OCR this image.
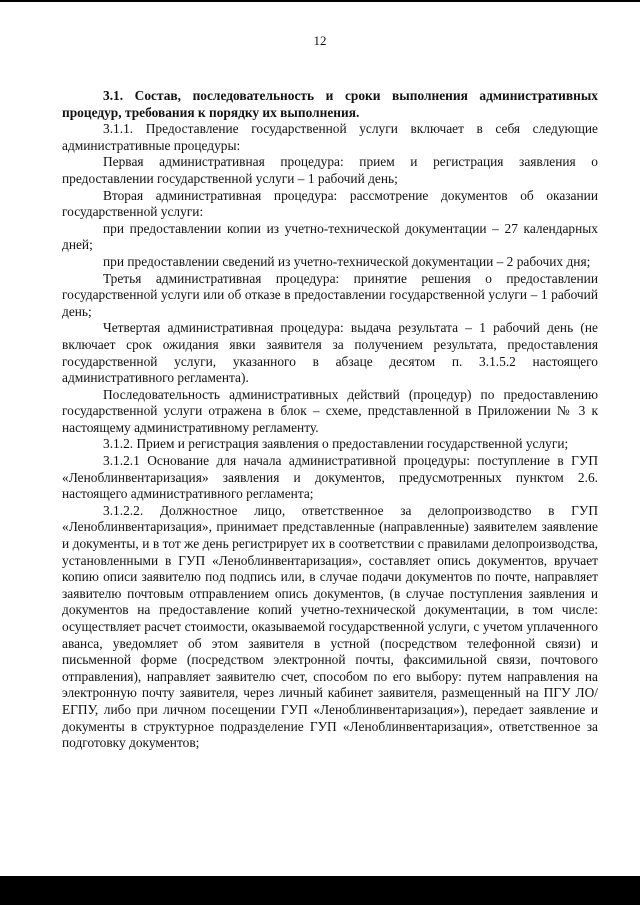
12

3.1. Состав, последовательность и сроки выполнения административных процедур, требования к порядку их выполнения.

3.1.1. Предоставление государственной услуги включает в себя следующие административные процедуры:

Первая административная процедура: прием и регистрация заявления о предоставлении государственной услуги – 1 рабочий день;

Вторая административная процедура: рассмотрение документов об оказании государственной услуги:

при предоставлении копии из учетно-технической документации – 27 календарных дней;

при предоставлении сведений из учетно-технической документации – 2 рабочих дня;

Третья административная процедура: принятие решения о предоставлении государственной услуги или об отказе в предоставлении государственной услуги – 1 рабочий день;

Четвертая административная процедура: выдача результата – 1 рабочий день (не включает срок ожидания явки заявителя за получением результата, предоставления государственной услуги, указанного в абзаце десятом п. 3.1.5.2 настоящего административного регламента).

Последовательность административных действий (процедур) по предоставлению государственной услуги отражена в блок – схеме, представленной в Приложении № 3 к настоящему административному регламенту.

3.1.2. Прием и регистрация заявления о предоставлении государственной услуги;

3.1.2.1 Основание для начала административной процедуры: поступление в ГУП «Леноблинвентаризация» заявления и документов, предусмотренных пунктом 2.6. настоящего административного регламента;

3.1.2.2. Должностное лицо, ответственное за делопроизводство в ГУП «Леноблинвентаризация», принимает представленные (направленные) заявителем заявление и документы, и в тот же день регистрирует их в соответствии с правилами делопроизводства, установленными в ГУП «Леноблинвентаризация», составляет опись документов, вручает копию описи заявителю под подпись или, в случае подачи документов по почте, направляет заявителю почтовым отправлением опись документов, (в случае поступления заявления и документов на предоставление копий учетно-технической документации, в том числе: осуществляет расчет стоимости, оказываемой государственной услуги, с учетом уплаченного аванса, уведомляет об этом заявителя в устной (посредством телефонной связи) и письменной форме (посредством электронной почты, факсимильной связи, почтового отправления), направляет заявителю счет, способом по его выбору: путем направления на электронную почту заявителя, через личный кабинет заявителя, размещенный на ПГУ ЛО/ЕГПУ, либо при личном посещении ГУП «Леноблинвентаризация»), передает заявление и документы в структурное подразделение ГУП «Леноблинвентаризация», ответственное за подготовку документов;
